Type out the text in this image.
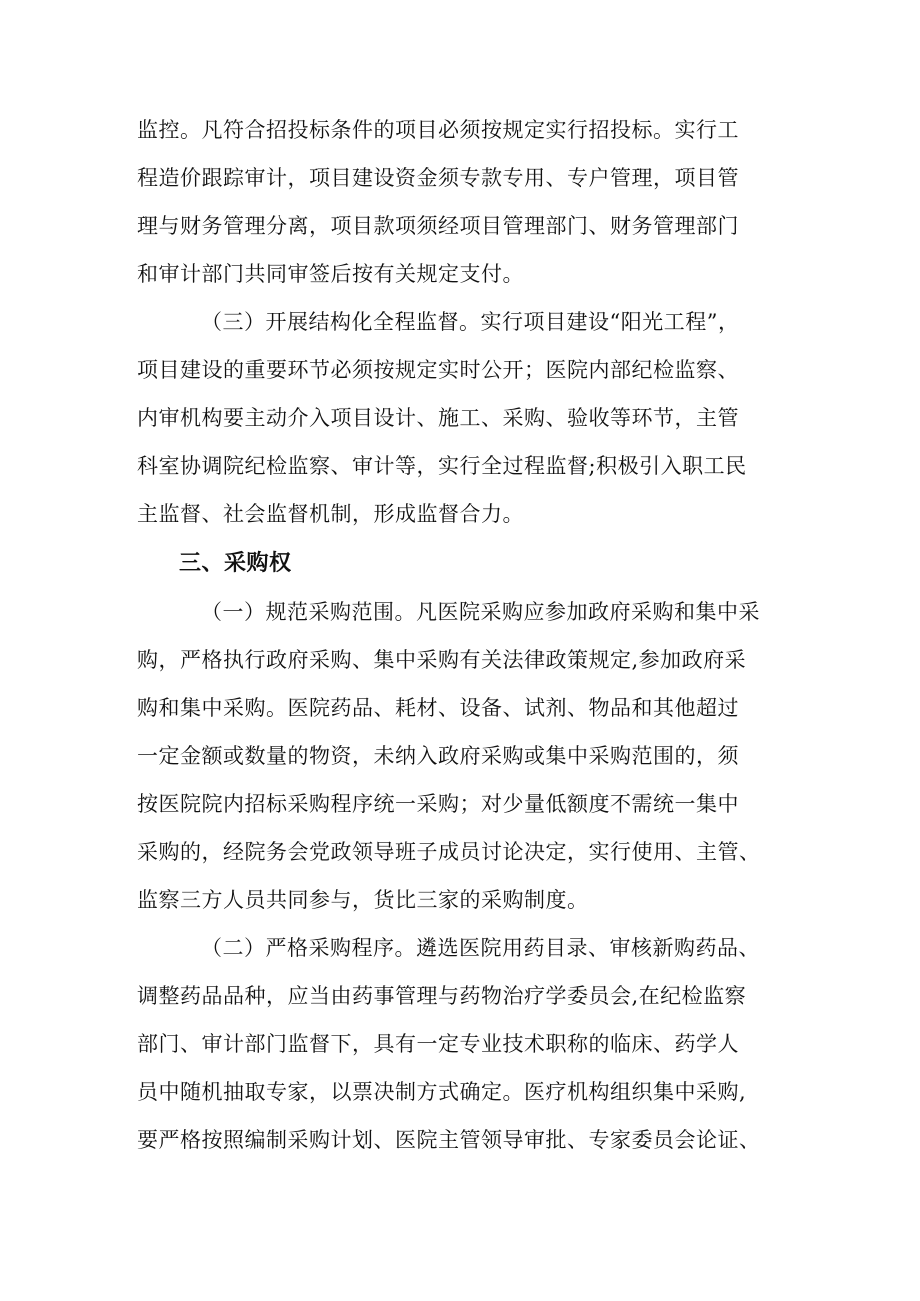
监控。凡符合招投标条件的项目必须按规定实行招投标。实行工
程造价跟踪审计，项目建设资金须专款专用、专户管理，项目管
理与财务管理分离，项目款项须经项目管理部门、财务管理部门
和审计部门共同审签后按有关规定支付。
（三）开展结构化全程监督。实行项目建设“阳光工程”，
项目建设的重要环节必须按规定实时公开；医院内部纪检监察、
内审机构要主动介入项目设计、施工、采购、验收等环节，主管
科室协调院纪检监察、审计等，实行全过程监督;积极引入职工民
主监督、社会监督机制，形成监督合力。
三、采购权
（一）规范采购范围。凡医院采购应参加政府采购和集中采
购，严格执行政府采购、集中采购有关法律政策规定,参加政府采
购和集中采购。医院药品、耗材、设备、试剂、物品和其他超过
一定金额或数量的物资，未纳入政府采购或集中采购范围的，须
按医院院内招标采购程序统一采购；对少量低额度不需统一集中
采购的，经院务会党政领导班子成员讨论决定，实行使用、主管、
监察三方人员共同参与，货比三家的采购制度。
（二）严格采购程序。遴选医院用药目录、审核新购药品、
调整药品品种，应当由药事管理与药物治疗学委员会,在纪检监察
部门、审计部门监督下，具有一定专业技术职称的临床、药学人
员中随机抽取专家，以票决制方式确定。医疗机构组织集中采购,
要严格按照编制采购计划、医院主管领导审批、专家委员会论证、
